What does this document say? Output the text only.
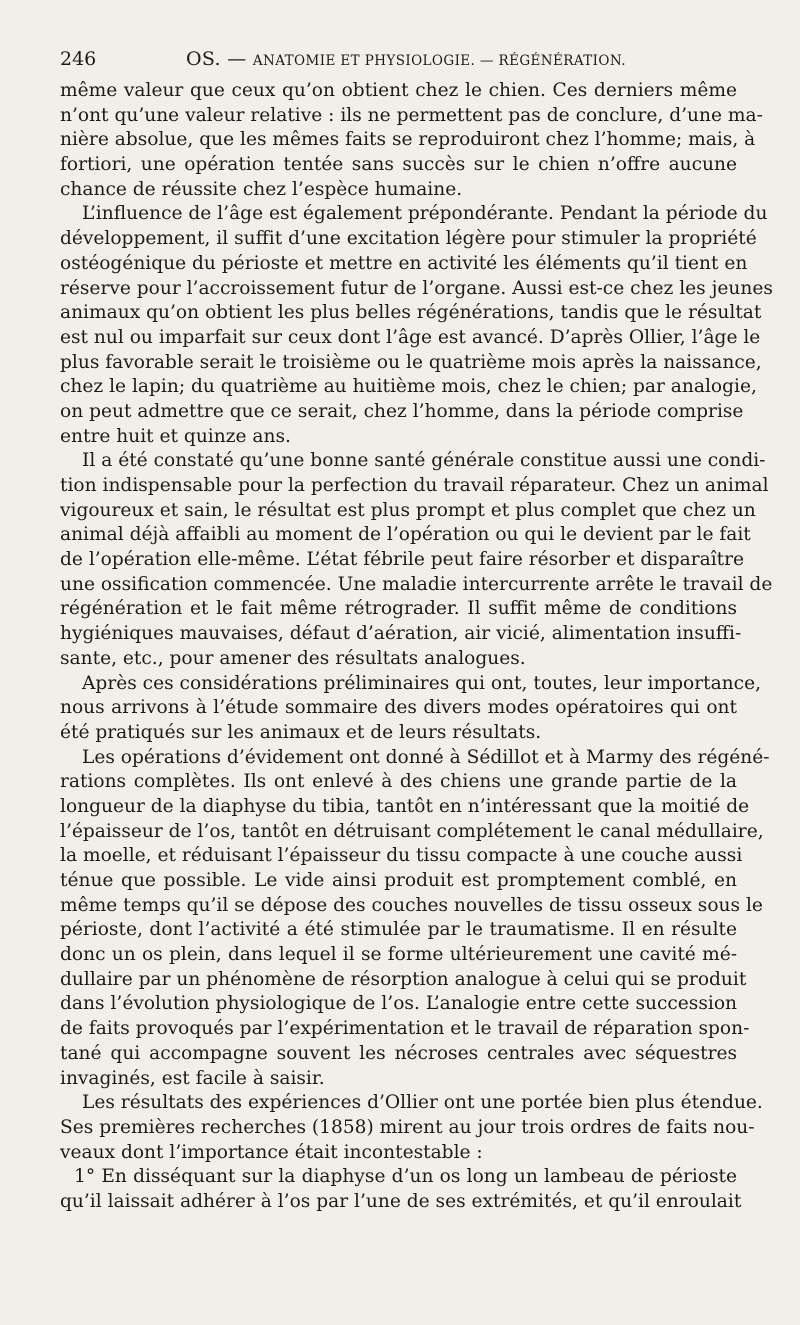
246	OS. — ANATOMIE ET PHYSIOLOGIE. — RÉGÉNÉRATION.
même valeur que ceux qu’on obtient chez le chien. Ces derniers même
n’ont qu’une valeur relative : ils ne permettent pas de conclure, d’une ma-
nière absolue, que les mêmes faits se reproduiront chez l’homme; mais, à
fortiori, une opération tentée sans succès sur le chien n’offre aucune
chance de réussite chez l’espèce humaine.
L’influence de l’âge est également prépondérante. Pendant la période du
développement, il suffit d’une excitation légère pour stimuler la propriété
ostéogénique du périoste et mettre en activité les éléments qu’il tient en
réserve pour l’accroissement futur de l’organe. Aussi est-ce chez les jeunes
animaux qu’on obtient les plus belles régénérations, tandis que le résultat
est nul ou imparfait sur ceux dont l’âge est avancé. D’après Ollier, l’âge le
plus favorable serait le troisième ou le quatrième mois après la naissance,
chez le lapin; du quatrième au huitième mois, chez le chien; par analogie,
on peut admettre que ce serait, chez l’homme, dans la période comprise
entre huit et quinze ans.
Il a été constaté qu’une bonne santé générale constitue aussi une condi-
tion indispensable pour la perfection du travail réparateur. Chez un animal
vigoureux et sain, le résultat est plus prompt et plus complet que chez un
animal déjà affaibli au moment de l’opération ou qui le devient par le fait
de l’opération elle-même. L’état fébrile peut faire résorber et disparaître
une ossification commencée. Une maladie intercurrente arrête le travail de
régénération et le fait même rétrograder. Il suffit même de conditions
hygiéniques mauvaises, défaut d’aération, air vicié, alimentation insuffi-
sante, etc., pour amener des résultats analogues.
Après ces considérations préliminaires qui ont, toutes, leur importance,
nous arrivons à l’étude sommaire des divers modes opératoires qui ont
été pratiqués sur les animaux et de leurs résultats.
Les opérations d’évidement ont donné à Sédillot et à Marmy des régéné-
rations complètes. Ils ont enlevé à des chiens une grande partie de la
longueur de la diaphyse du tibia, tantôt en n’intéressant que la moitié de
l’épaisseur de l’os, tantôt en détruisant complétement le canal médullaire,
la moelle, et réduisant l’épaisseur du tissu compacte à une couche aussi
ténue que possible. Le vide ainsi produit est promptement comblé, en
même temps qu’il se dépose des couches nouvelles de tissu osseux sous le
périoste, dont l’activité a été stimulée par le traumatisme. Il en résulte
donc un os plein, dans lequel il se forme ultérieurement une cavité mé-
dullaire par un phénomène de résorption analogue à celui qui se produit
dans l’évolution physiologique de l’os. L’analogie entre cette succession
de faits provoqués par l’expérimentation et le travail de réparation spon-
tané qui accompagne souvent les nécroses centrales avec séquestres
invaginés, est facile à saisir.
Les résultats des expériences d’Ollier ont une portée bien plus étendue.
Ses premières recherches (1858) mirent au jour trois ordres de faits nou-
veaux dont l’importance était incontestable :
1° En disséquant sur la diaphyse d’un os long un lambeau de périoste
qu’il laissait adhérer à l’os par l’une de ses extrémités, et qu’il enroulait
